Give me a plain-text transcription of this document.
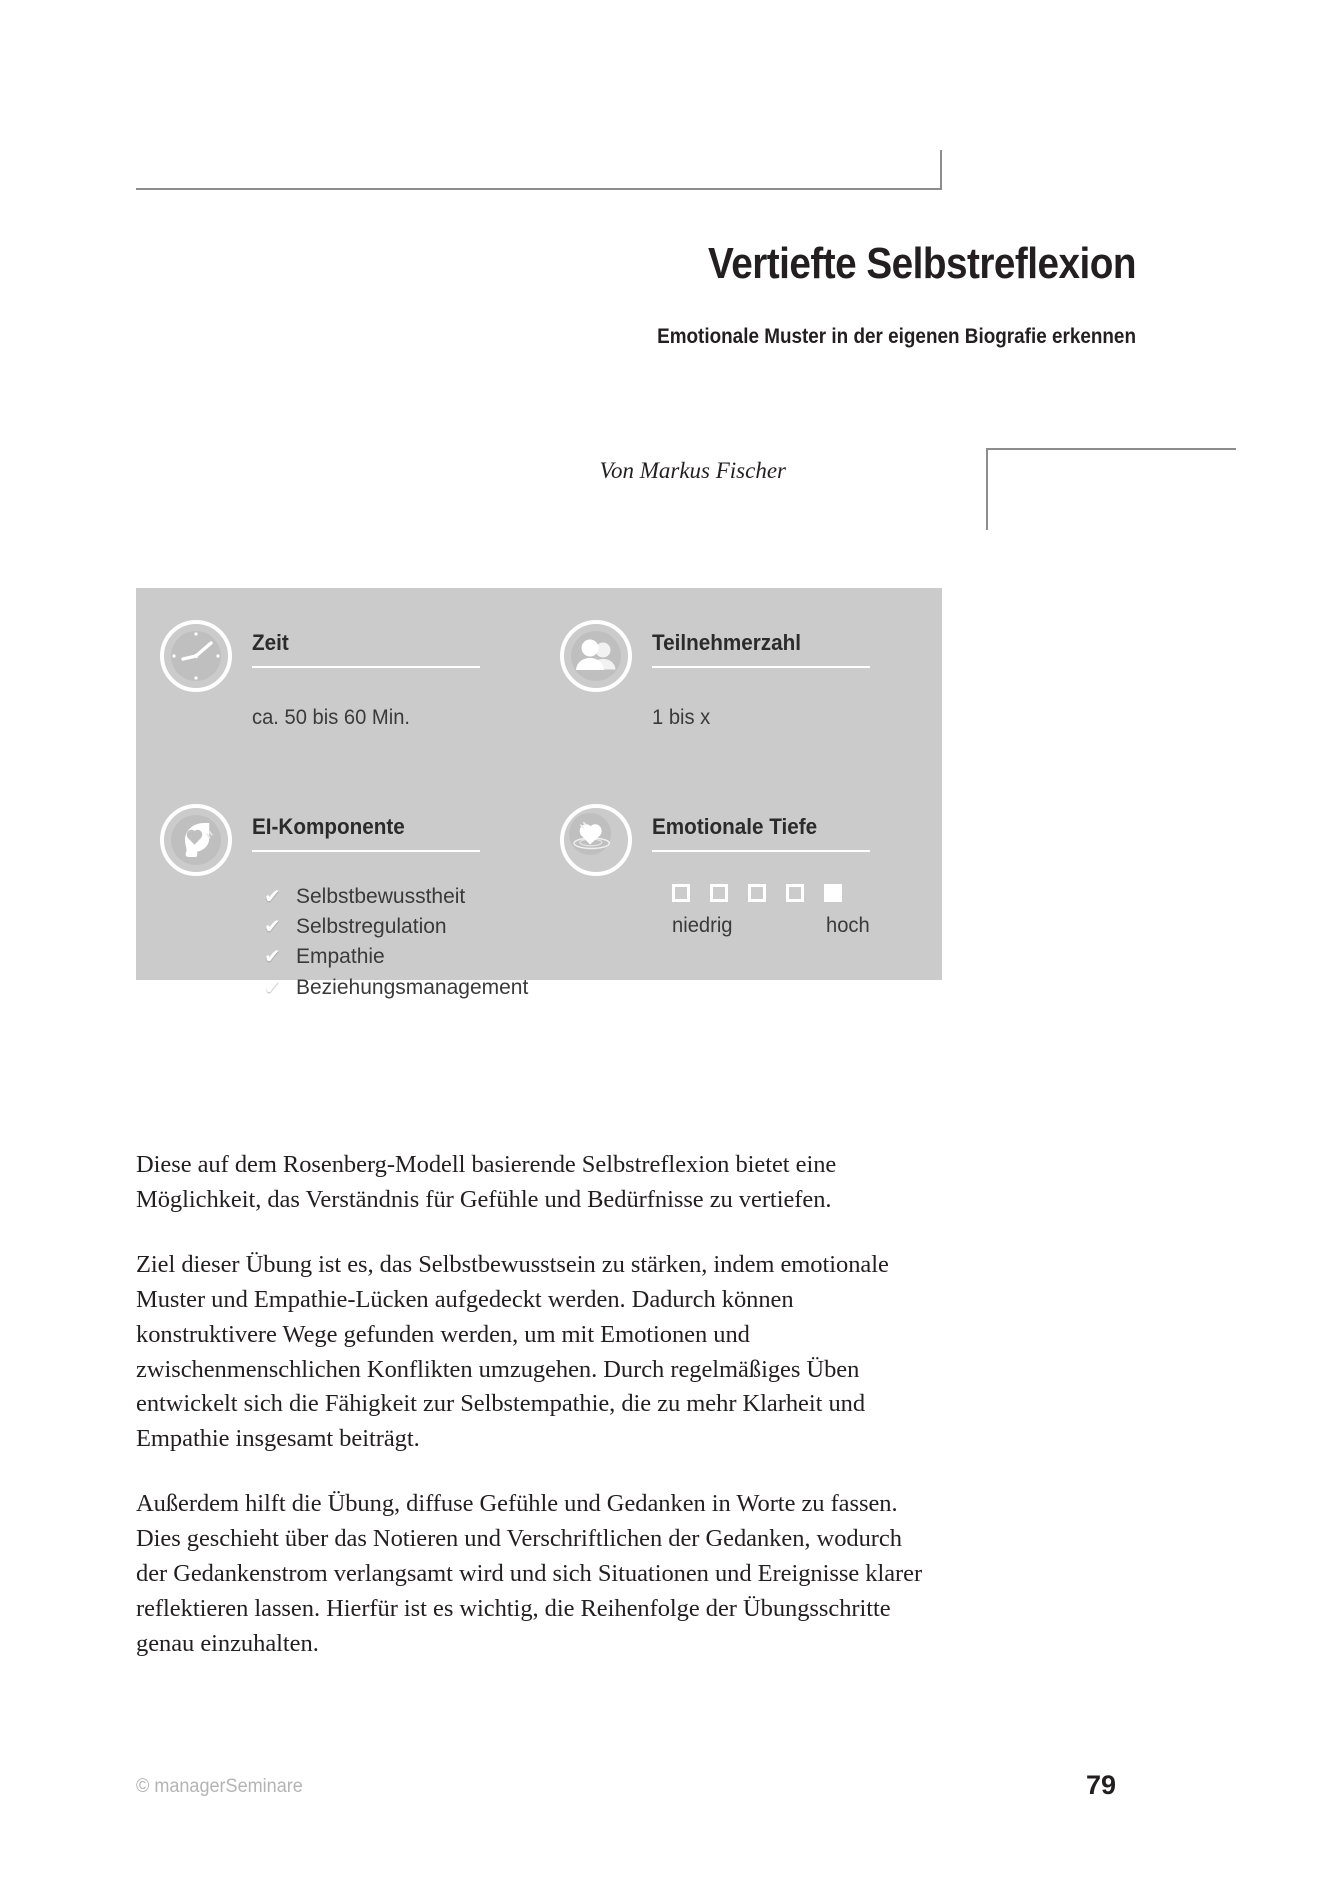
Vertiefte Selbstreflexion
Emotionale Muster in der eigenen Biografie erkennen
Von Markus Fischer
Zeit
ca. 50 bis 60 Min.
Teilnehmerzahl
1 bis x
EI-Komponente
✔ Selbstbewusstheit
✔ Selbstregulation
✔ Empathie
✔ Beziehungsmanagement
Emotionale Tiefe
niedrig	hoch

Diese auf dem Rosenberg-Modell basierende Selbstreflexion bietet eine Möglichkeit, das Verständnis für Gefühle und Bedürfnisse zu vertiefen.

Ziel dieser Übung ist es, das Selbstbewusstsein zu stärken, indem emotionale Muster und Empathie-Lücken aufgedeckt werden. Dadurch können konstruktivere Wege gefunden werden, um mit Emotionen und zwischenmenschlichen Konflikten umzugehen. Durch regelmäßiges Üben entwickelt sich die Fähigkeit zur Selbstempathie, die zu mehr Klarheit und Empathie insgesamt beiträgt.

Außerdem hilft die Übung, diffuse Gefühle und Gedanken in Worte zu fassen. Dies geschieht über das Notieren und Verschriftlichen der Gedanken, wodurch der Gedankenstrom verlangsamt wird und sich Situationen und Ereignisse klarer reflektieren lassen. Hierfür ist es wichtig, die Reihenfolge der Übungsschritte genau einzuhalten.

© managerSeminare	79
